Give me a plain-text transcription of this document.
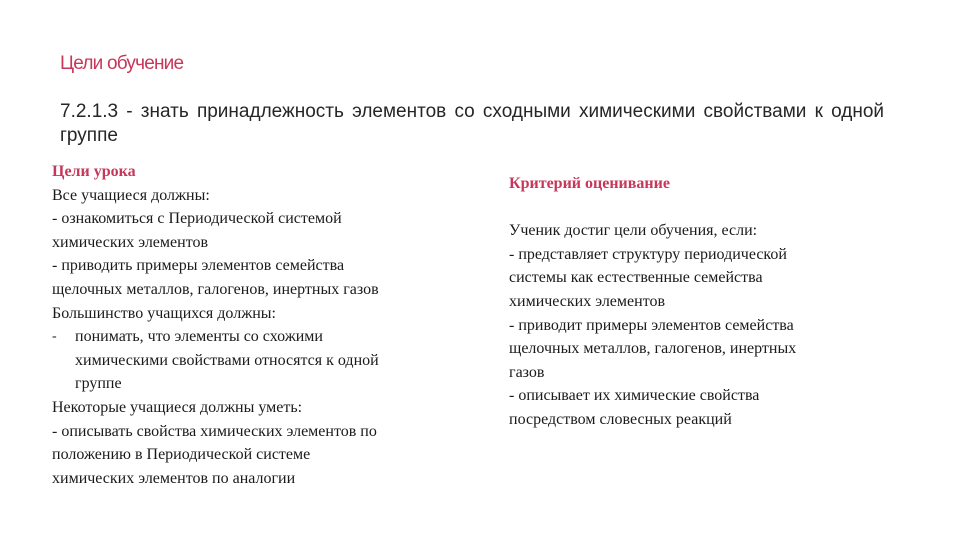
Цели обучение
7.2.1.3 - знать принадлежность элементов со сходными химическими свойствами к одной группе
Цели урока
Все учащиеся должны:
- ознакомиться с Периодической системой
химических элементов
- приводить примеры элементов семейства
щелочных металлов, галогенов, инертных газов
Большинство учащихся должны:
- понимать, что элементы со схожими
химическими свойствами относятся к одной
группе
Некоторые учащиеся должны уметь:
- описывать свойства химических элементов по
положению в Периодической системе
химических элементов по аналогии
Критерий оценивание
Ученик достиг цели обучения, если:
- представляет структуру периодической
системы как естественные семейства
химических элементов
- приводит примеры элементов семейства
щелочных металлов, галогенов, инертных
газов
- описывает их химические свойства
посредством словесных реакций
